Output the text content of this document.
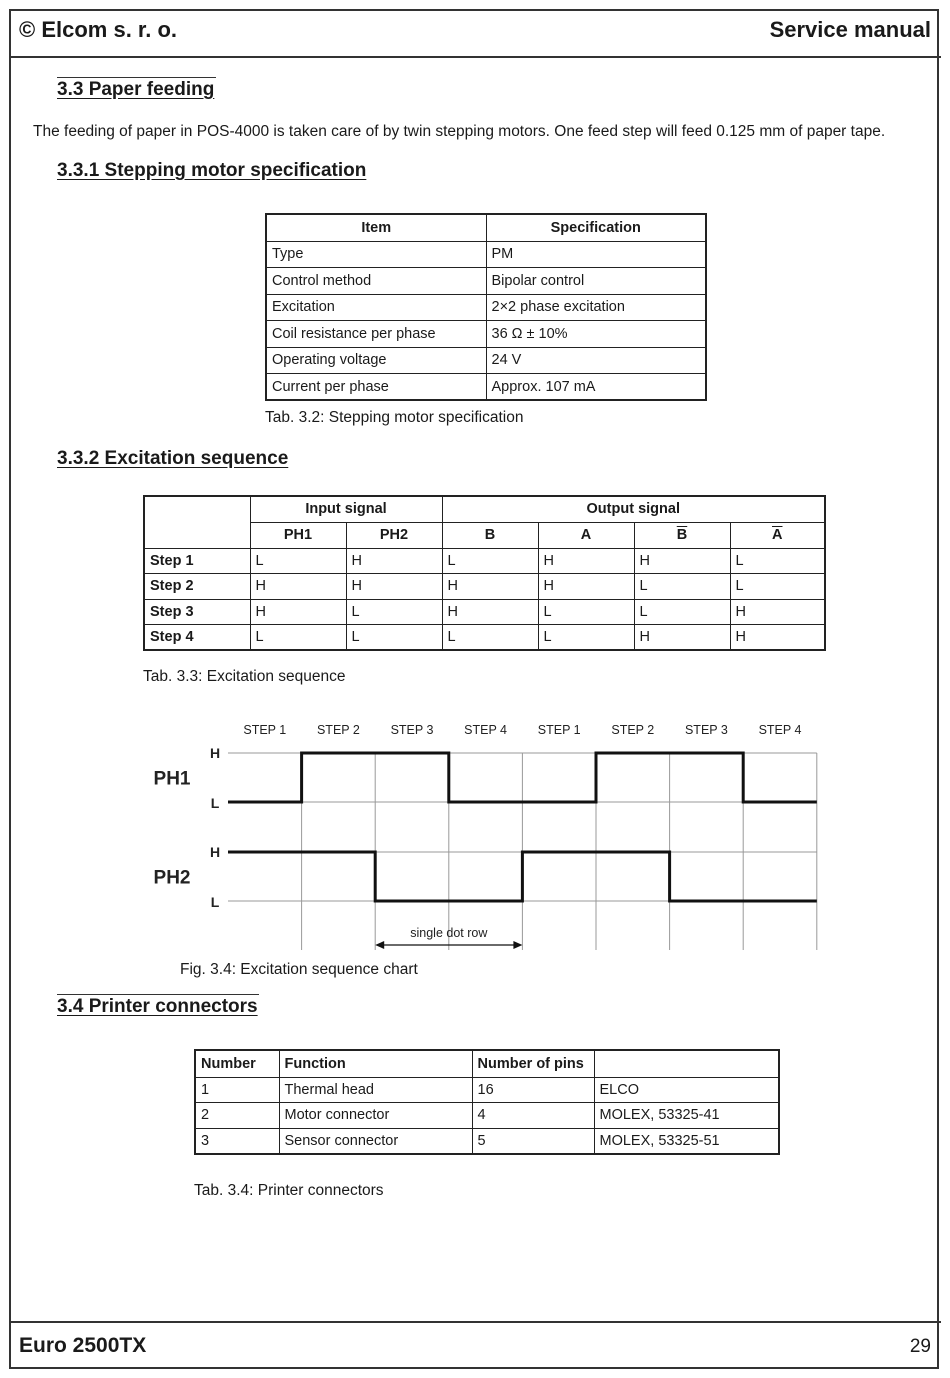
© Elcom s. r. o.	Service manual
3.3 Paper feeding
The feeding of paper in POS-4000 is taken care of by twin stepping motors. One feed step will feed 0.125 mm of paper tape.
3.3.1 Stepping motor specification
Item	Specification
Type	PM
Control method	Bipolar control
Excitation	2×2 phase excitation
Coil resistance per phase	36 Ω ± 10%
Operating voltage	24 V
Current per phase	Approx. 107 mA
Tab. 3.2: Stepping motor specification
3.3.2 Excitation sequence
	Input signal		Output signal			
	PH1	PH2	B	A	$\overline{B}$	$\overline{A}$
Step 1	L	H	L	H	H	L
Step 2	H	H	H	H	L	L
Step 3	H	L	H	L	L	H
Step 4	L	L	L	L	H	H
Tab. 3.3: Excitation sequence
STEP 1 STEP 2 STEP 3 STEP 4 STEP 1 STEP 2 STEP 3 STEP 4
PH1
H
L
PH2
H
L
single dot row
Fig. 3.4: Excitation sequence chart
3.4 Printer connectors
Number	Function	Number of pins	
1	Thermal head	16	ELCO
2	Motor connector	4	MOLEX, 53325-41
3	Sensor connector	5	MOLEX, 53325-51
Tab. 3.4: Printer connectors
Euro 2500TX	29
